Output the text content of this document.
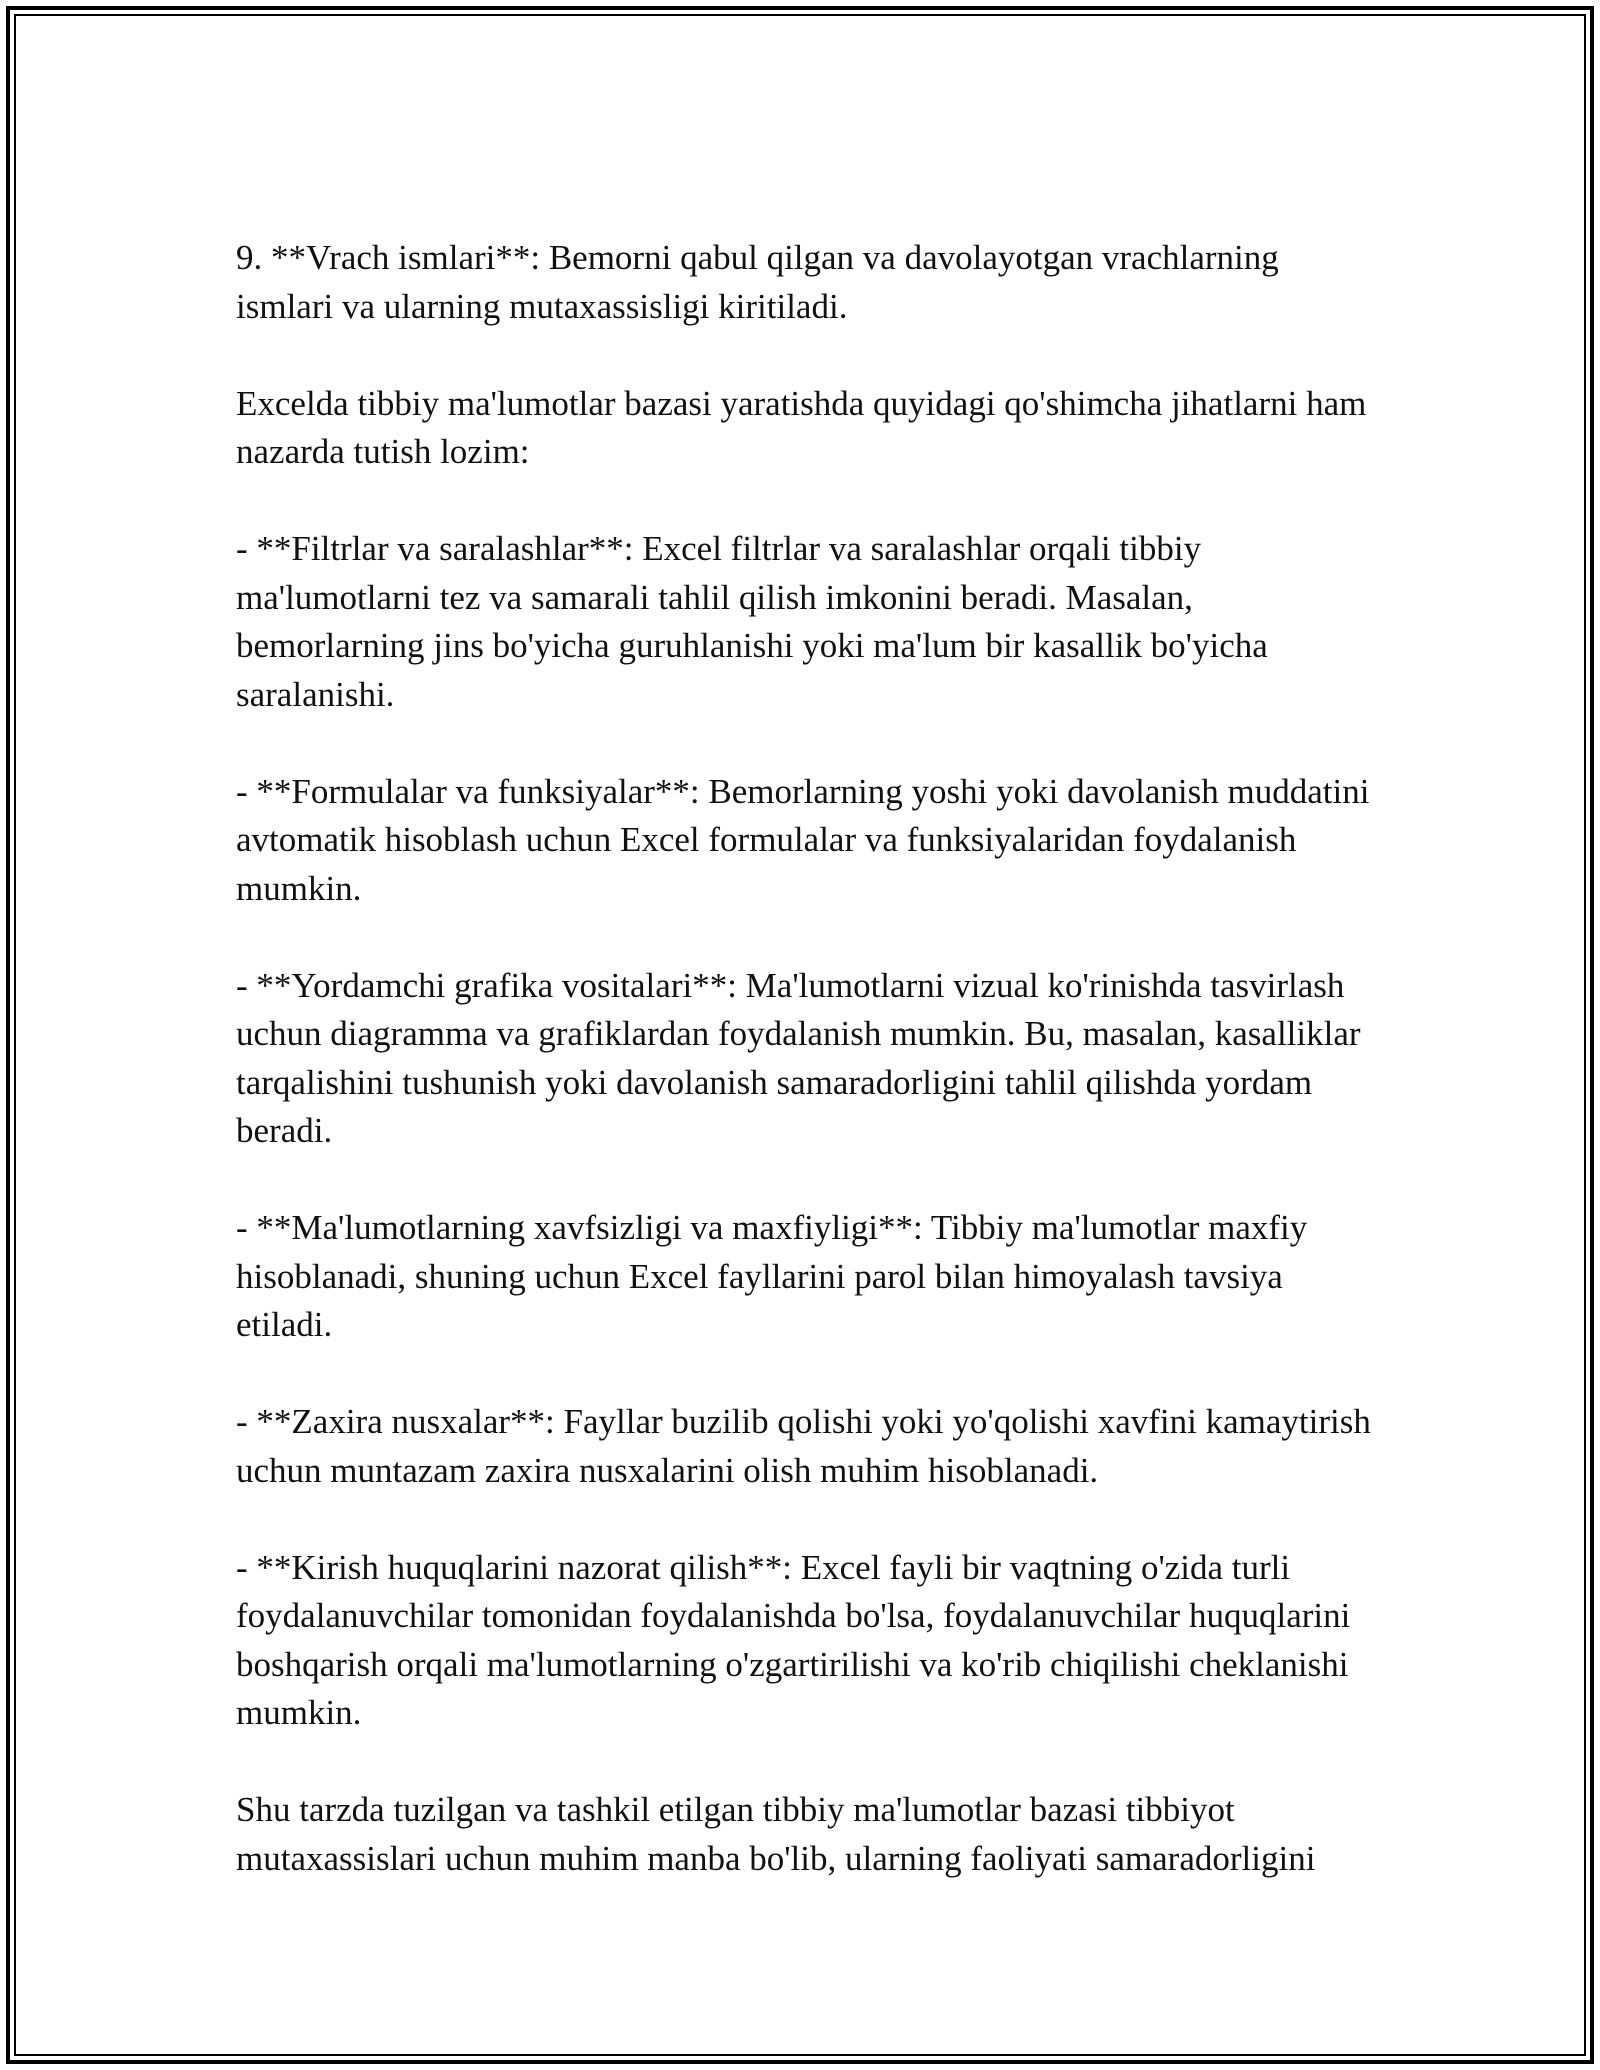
9. **Vrach ismlari**: Bemorni qabul qilgan va davolayotgan vrachlarning ismlari va ularning mutaxassisligi kiritiladi.

Excelda tibbiy ma'lumotlar bazasi yaratishda quyidagi qo'shimcha jihatlarni ham nazarda tutish lozim:

- **Filtrlar va saralashlar**: Excel filtrlar va saralashlar orqali tibbiy ma'lumotlarni tez va samarali tahlil qilish imkonini beradi. Masalan, bemorlarning jins bo'yicha guruhlanishi yoki ma'lum bir kasallik bo'yicha saralanishi.

- **Formulalar va funksiyalar**: Bemorlarning yoshi yoki davolanish muddatini avtomatik hisoblash uchun Excel formulalar va funksiyalaridan foydalanish mumkin.

- **Yordamchi grafika vositalari**: Ma'lumotlarni vizual ko'rinishda tasvirlash uchun diagramma va grafiklardan foydalanish mumkin. Bu, masalan, kasalliklar tarqalishini tushunish yoki davolanish samaradorligini tahlil qilishda yordam beradi.

- **Ma'lumotlarning xavfsizligi va maxfiyligi**: Tibbiy ma'lumotlar maxfiy hisoblanadi, shuning uchun Excel fayllarini parol bilan himoyalash tavsiya etiladi.

- **Zaxira nusxalar**: Fayllar buzilib qolishi yoki yo'qolishi xavfini kamaytirish uchun muntazam zaxira nusxalarini olish muhim hisoblanadi.

- **Kirish huquqlarini nazorat qilish**: Excel fayli bir vaqtning o'zida turli foydalanuvchilar tomonidan foydalanishda bo'lsa, foydalanuvchilar huquqlarini boshqarish orqali ma'lumotlarning o'zgartirilishi va ko'rib chiqilishi cheklanishi mumkin.

Shu tarzda tuzilgan va tashkil etilgan tibbiy ma'lumotlar bazasi tibbiyot mutaxassislari uchun muhim manba bo'lib, ularning faoliyati samaradorligini
